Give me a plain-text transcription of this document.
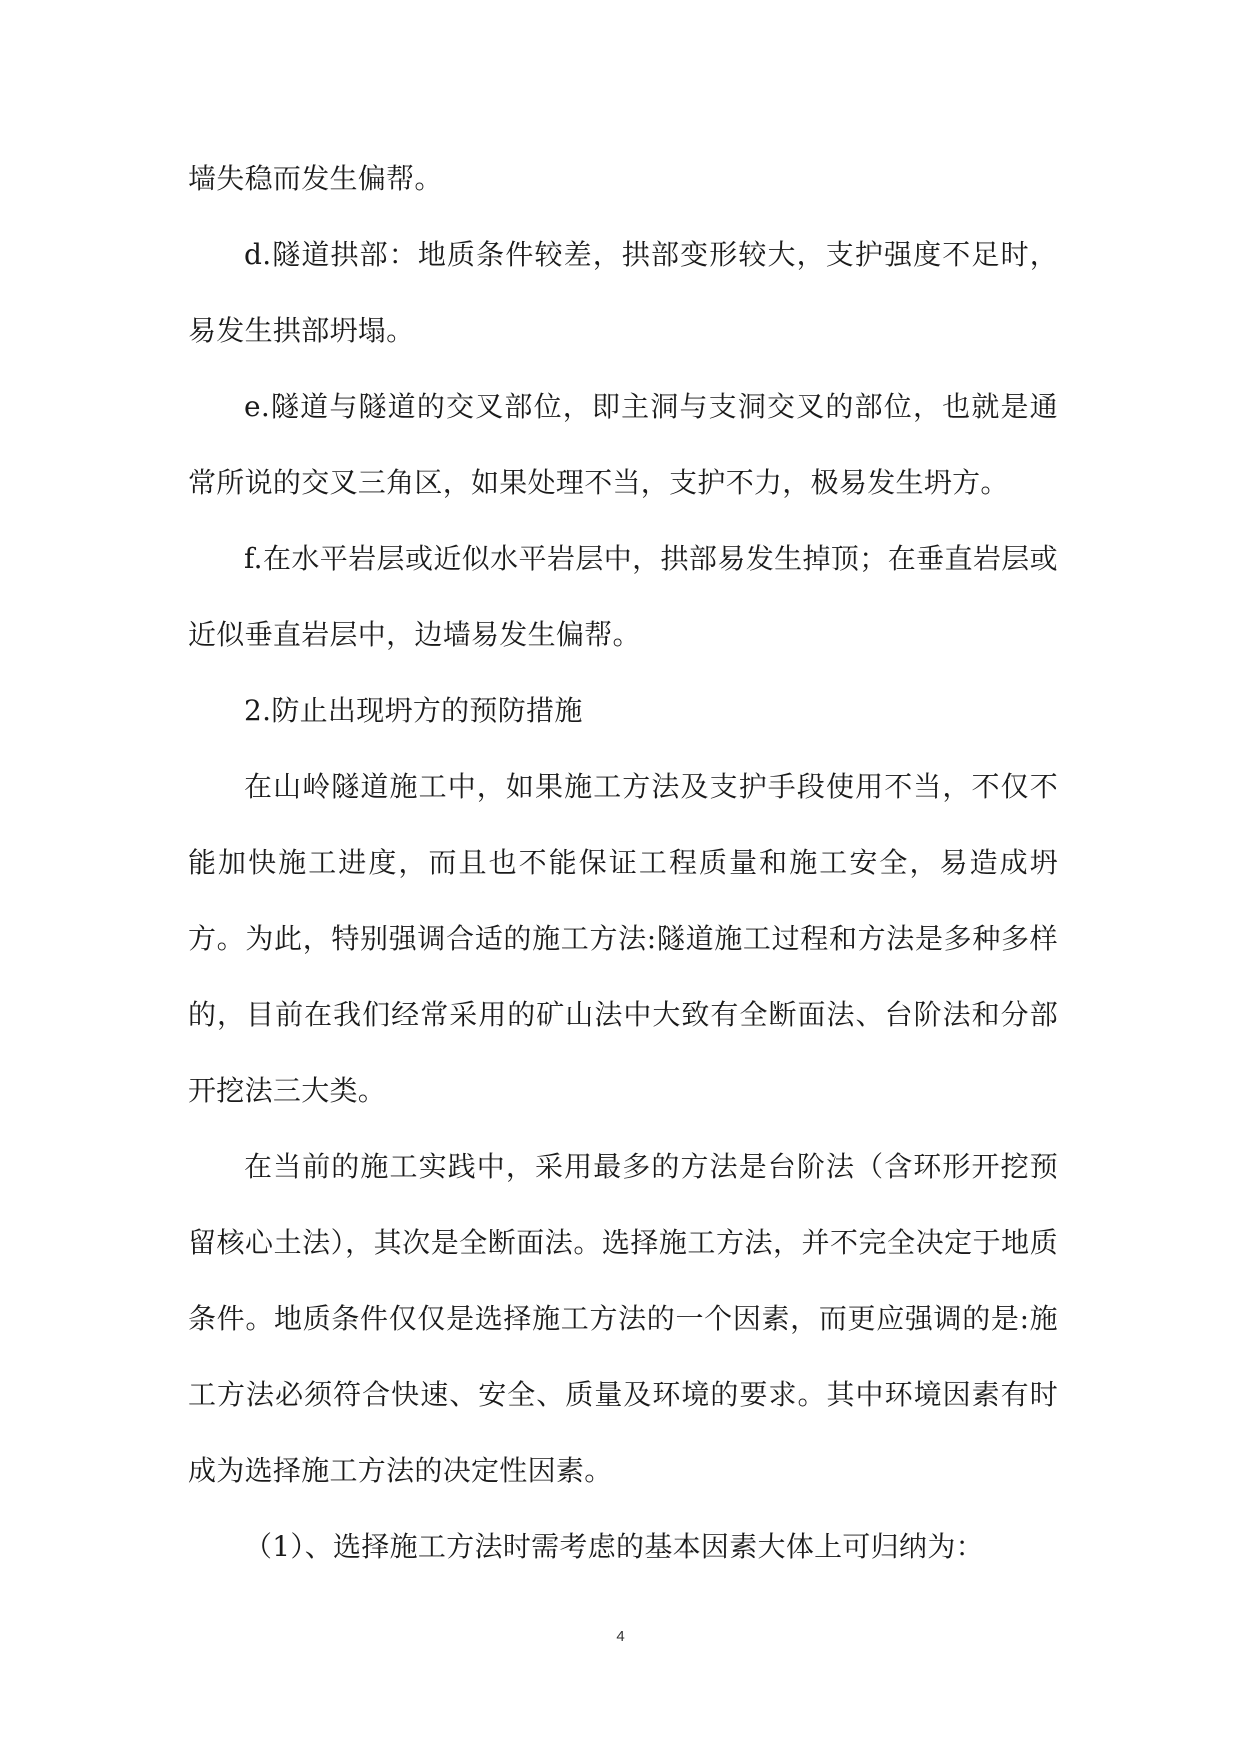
墙失稳而发生偏帮。

d.隧道拱部：地质条件较差，拱部变形较大，支护强度不足时，易发生拱部坍塌。

e.隧道与隧道的交叉部位，即主洞与支洞交叉的部位，也就是通常所说的交叉三角区，如果处理不当，支护不力，极易发生坍方。

f.在水平岩层或近似水平岩层中，拱部易发生掉顶；在垂直岩层或近似垂直岩层中，边墙易发生偏帮。

2.防止出现坍方的预防措施

在山岭隧道施工中，如果施工方法及支护手段使用不当，不仅不能加快施工进度，而且也不能保证工程质量和施工安全，易造成坍方。为此，特别强调合适的施工方法:隧道施工过程和方法是多种多样的，目前在我们经常采用的矿山法中大致有全断面法、台阶法和分部开挖法三大类。

在当前的施工实践中，采用最多的方法是台阶法（含环形开挖预留核心土法），其次是全断面法。选择施工方法，并不完全决定于地质条件。地质条件仅仅是选择施工方法的一个因素，而更应强调的是:施工方法必须符合快速、安全、质量及环境的要求。其中环境因素有时成为选择施工方法的决定性因素。

（1）、选择施工方法时需考虑的基本因素大体上可归纳为：

4
